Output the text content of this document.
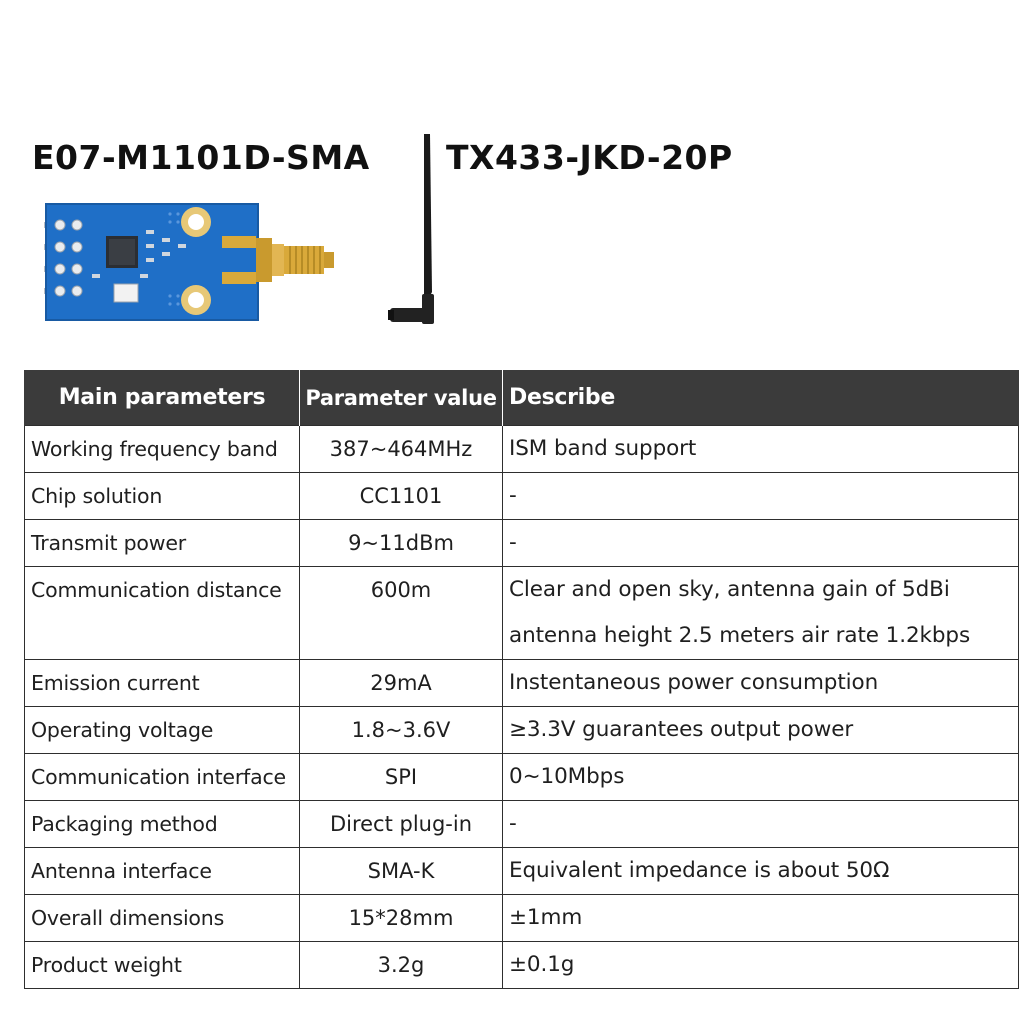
E07-M1101D-SMA TX433-JKD-20P
Main parameters	Parameter value	Describe
Working frequency band	387~464MHz	ISM band support

Chip solution	CC1101	-

Transmit power	9~11dBm	-

Communication distance	600m	Clear and open sky, antenna gain of 5dBi
antenna height 2.5 meters air rate 1.2kbps

Emission current	29mA	Instentaneous power consumption

Operating voltage	1.8~3.6V	≥3.3V guarantees output power

Communication interface	SPI	0~10Mbps

Packaging method	Direct plug-in	-

Antenna interface	SMA-K	Equivalent impedance is about 50Ω

Overall dimensions	15*28mm	±1mm

Product weight	3.2g	±0.1g
